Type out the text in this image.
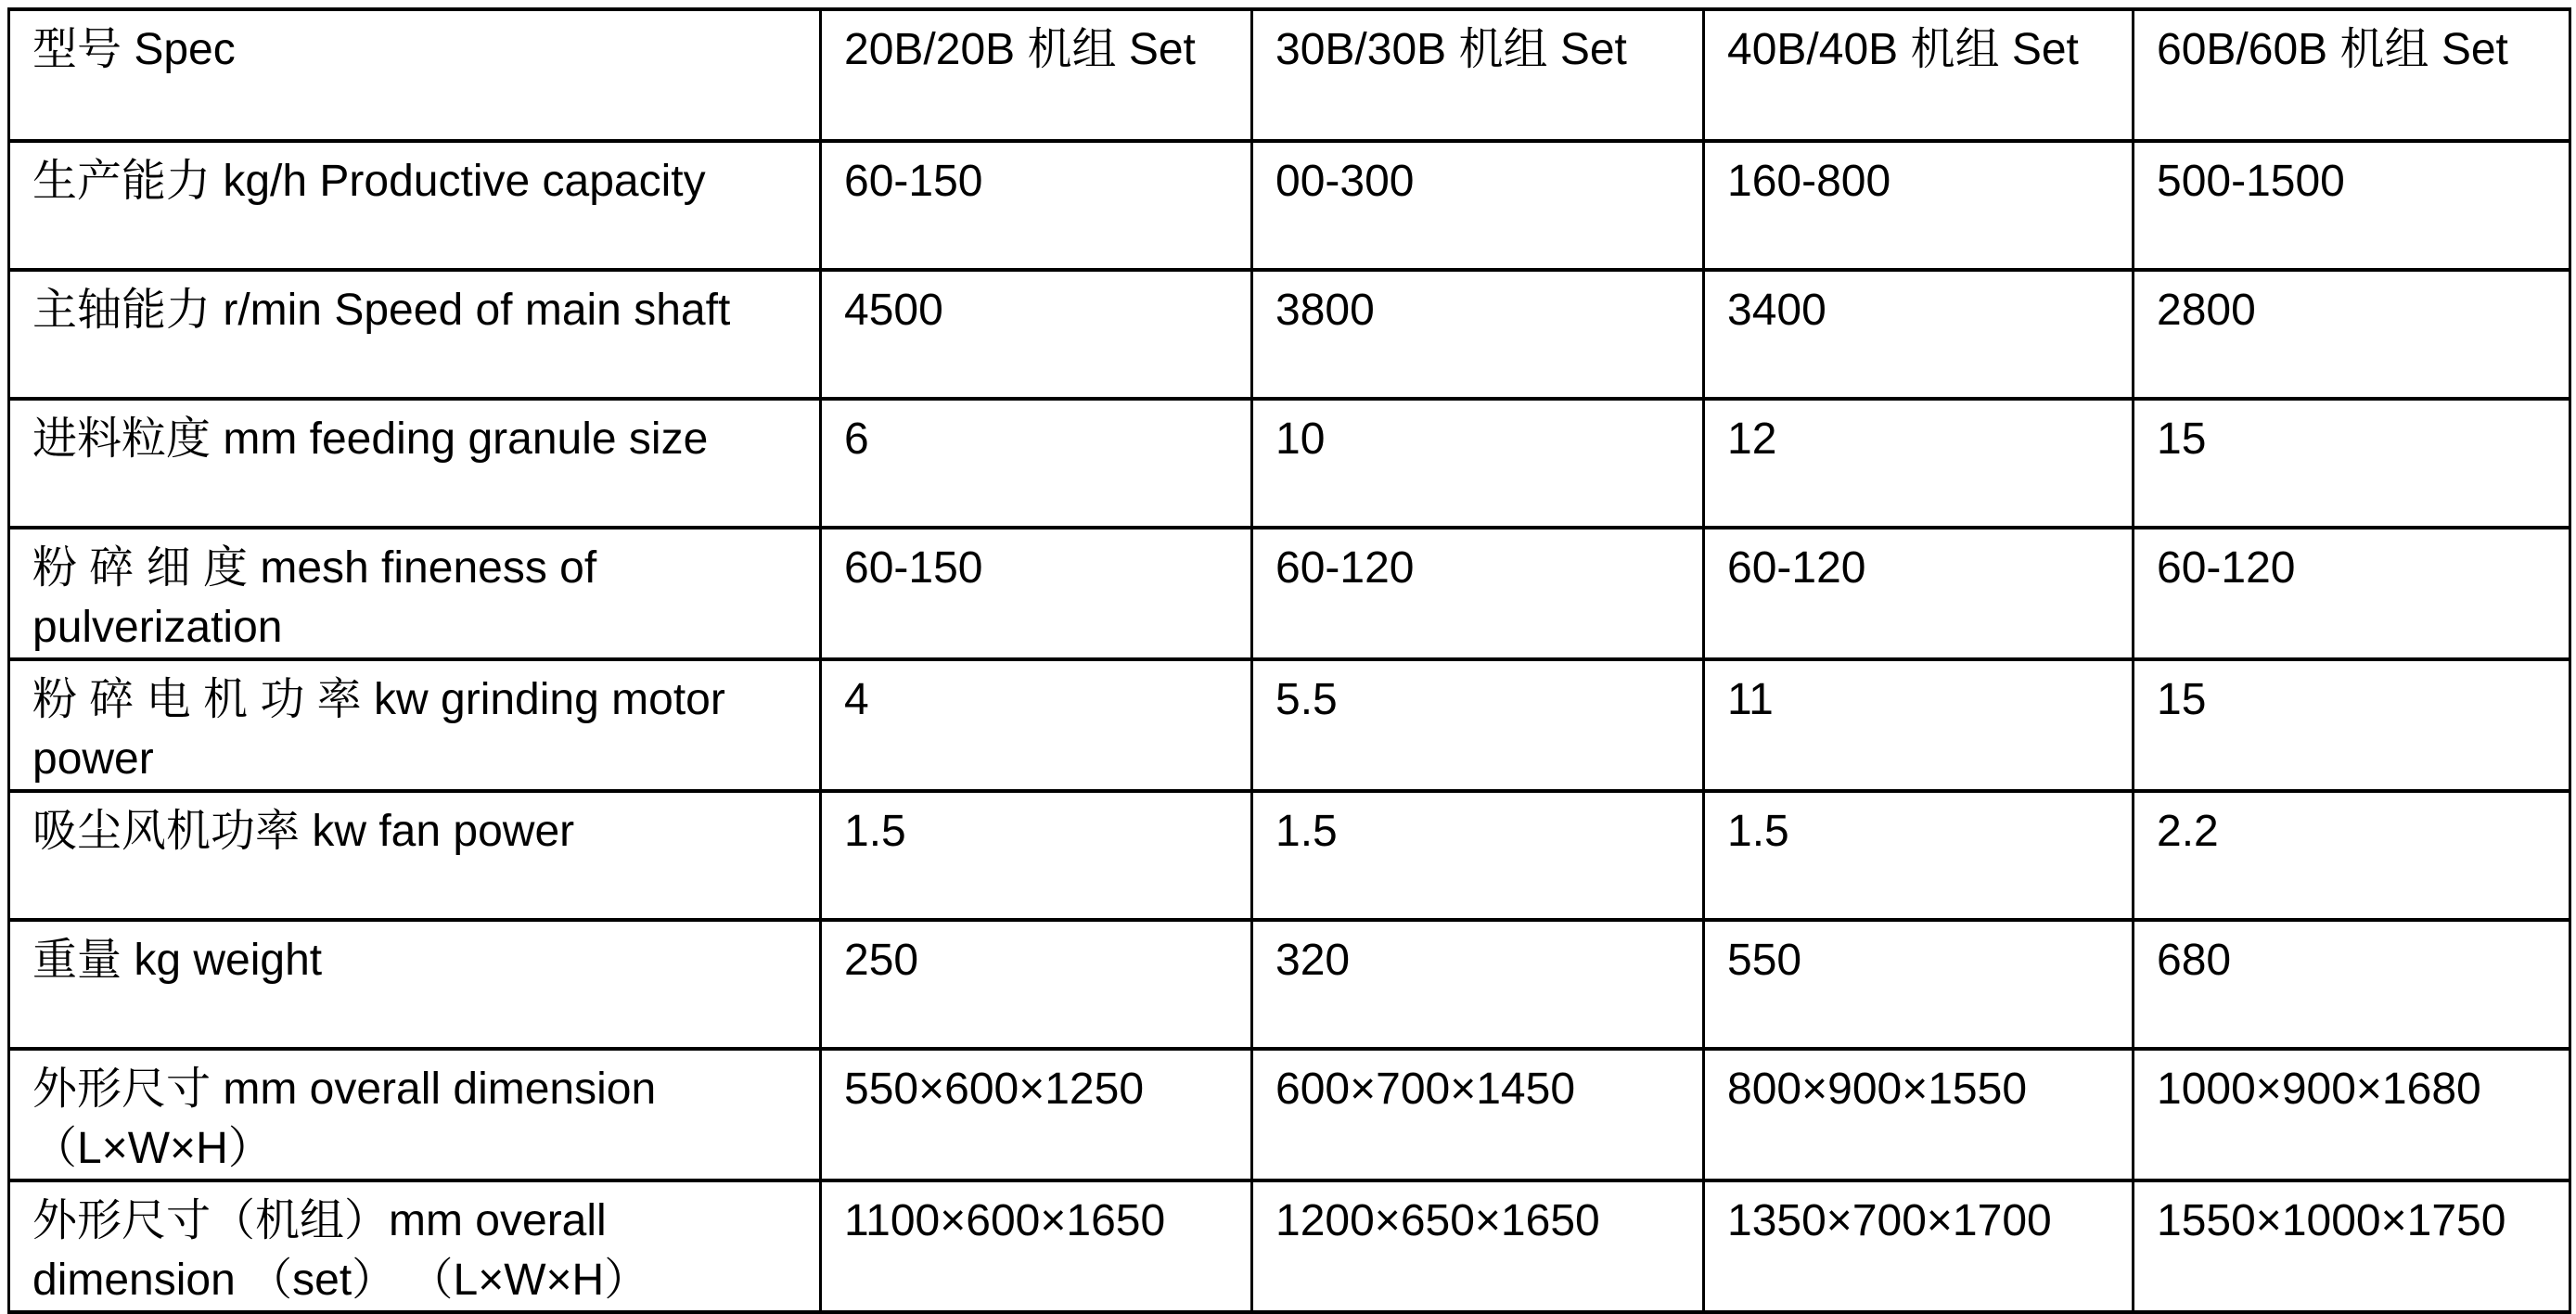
型号 Spec	20B/20B 机组 Set	30B/30B 机组 Set	40B/40B 机组 Set	60B/60B 机组 Set
生产能力 kg/h Productive capacity	60-150	00-300	160-800	500-1500
主轴能力 r/min Speed of main shaft	4500	3800	3400	2800
进料粒度 mm feeding granule size	6	10	12	15
粉 碎 细 度 mesh fineness of pulverization	60-150	60-120	60-120	60-120
粉 碎 电 机 功 率 kw grinding motor power	4	5.5	11	15
吸尘风机功率 kw fan power	1.5	1.5	1.5	2.2
重量 kg weight	250	320	550	680
外形尺寸 mm overall dimension （L×W×H）	550×600×1250	600×700×1450	800×900×1550	1000×900×1680
外形尺寸（机组）mm overall dimension （set） （L×W×H）	1100×600×1650	1200×650×1650	1350×700×1700	1550×1000×1750
